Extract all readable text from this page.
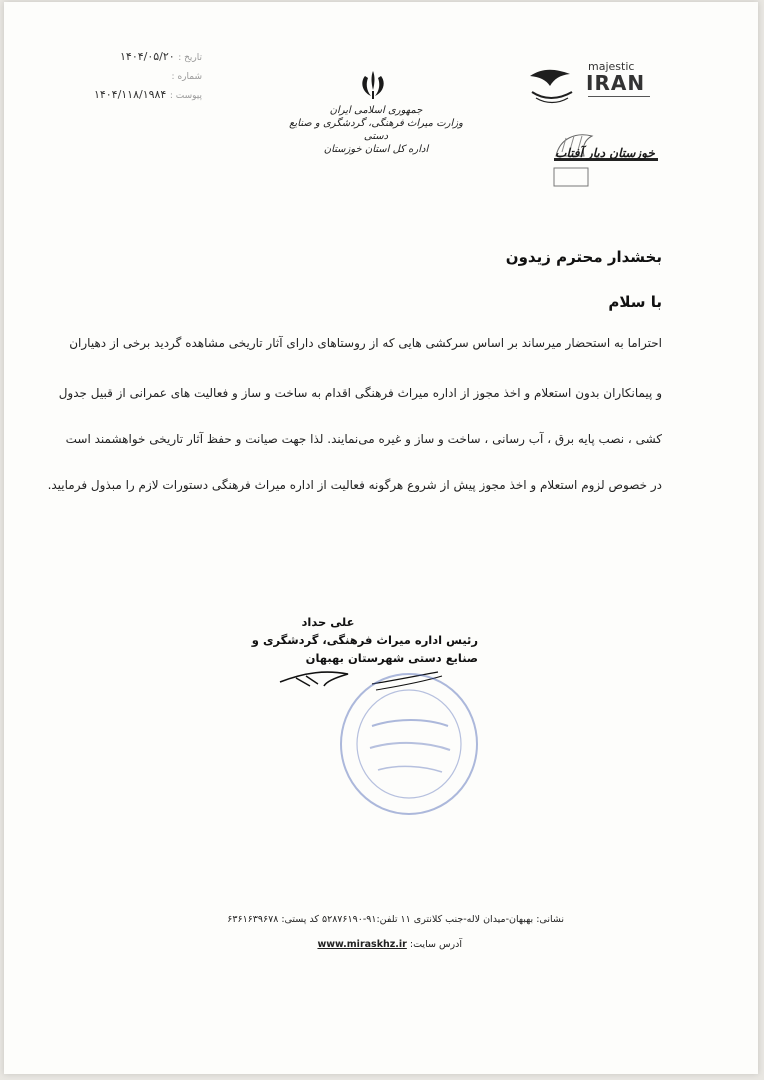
تاریخ : ۱۴۰۴/۰۵/۲۰
شماره :
پیوست : ۱۴۰۴/۱۱۸/۱۹۸۴
جمهوری اسلامی ایران
وزارت میراث فرهنگی، گردشگری و صنایع دستی
اداره کل استان خوزستان
majestic
IRAN
خوزستان دیار آفتاب
بخشدار محترم زیدون
با سلام
احتراما به استحضار میرساند بر اساس سرکشی هایی که از روستاهای دارای آثار تاریخی مشاهده گردید برخی از دهیاران
و پیمانکاران بدون استعلام و اخذ مجوز از اداره میراث فرهنگی اقدام به ساخت و ساز و فعالیت های عمرانی از قبیل جدول
کشی ، نصب پایه برق ، آب رسانی ، ساخت و ساز و غیره می‌نمایند. لذا جهت صیانت و حفظ آثار تاریخی خواهشمند است
در خصوص لزوم استعلام و اخذ مجوز پیش از شروع هرگونه فعالیت از اداره میراث فرهنگی دستورات لازم را مبذول فرمایید.
علی حداد
رئیس اداره میراث فرهنگی، گردشگری و
صنایع دستی شهرستان بهبهان
نشانی: بهبهان-میدان لاله-جنب کلانتری ۱۱ تلفن:۹۱-۵۲۸۷۶۱۹۰ کد پستی: ۶۳۶۱۶۳۹۶۷۸
آدرس سایت: www.miraskhz.ir
